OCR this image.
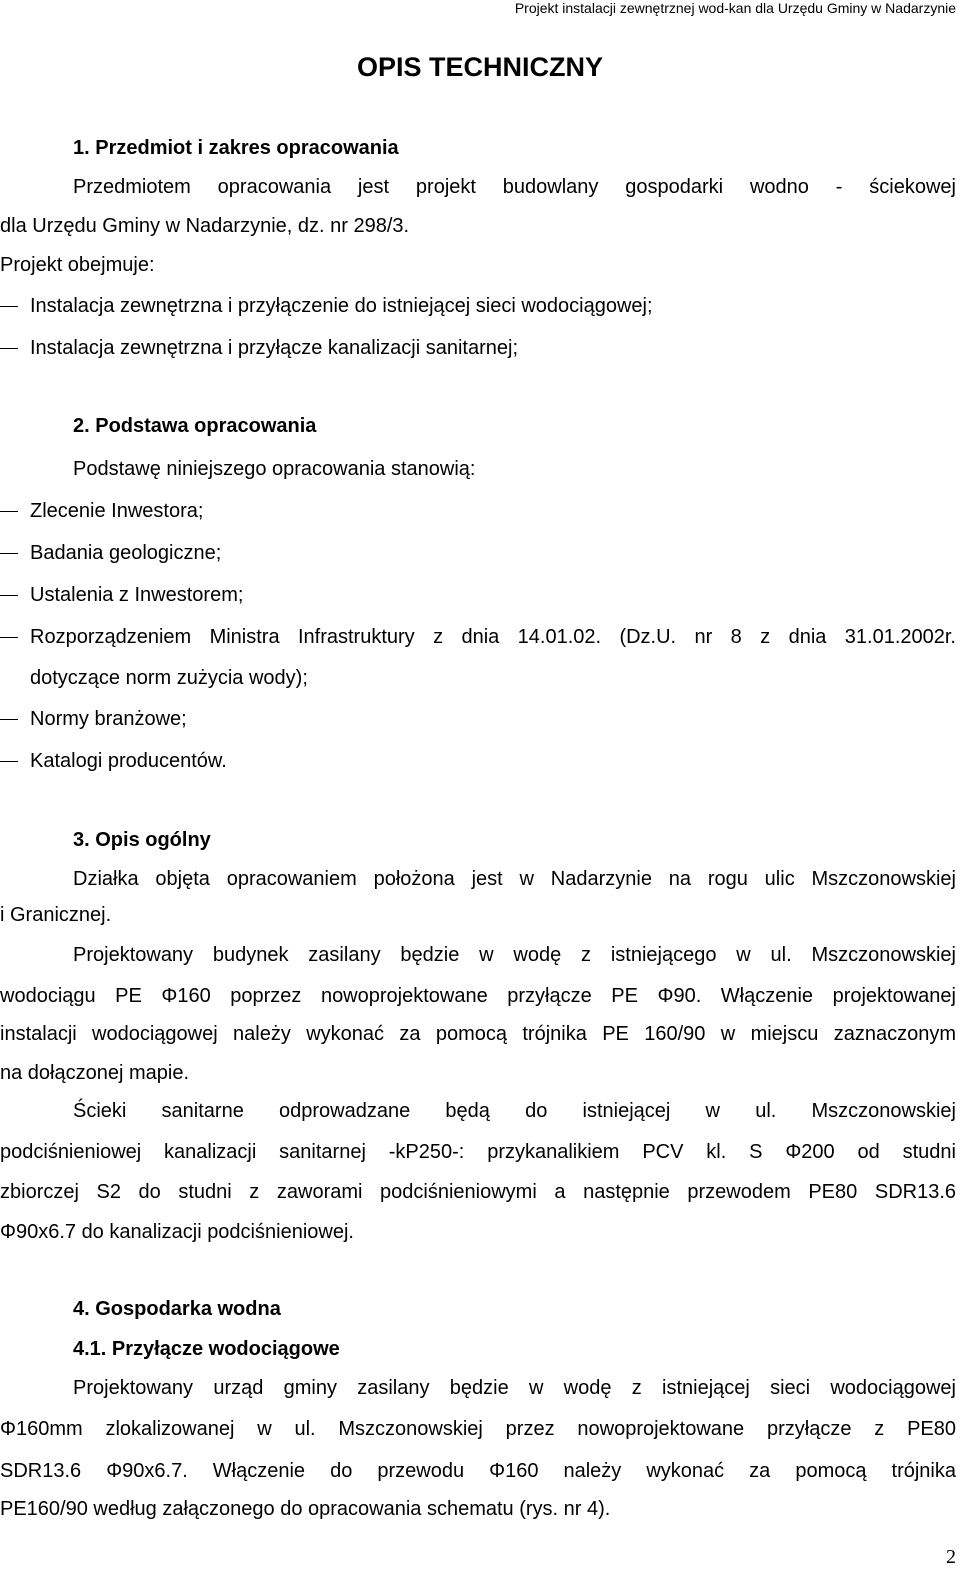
Projekt instalacji zewnętrznej wod-kan dla Urzędu Gminy w Nadarzynie
OPIS TECHNICZNY
1. Przedmiot i zakres opracowania
Przedmiotem opracowania jest projekt budowlany gospodarki wodno - ściekowej
dla Urzędu Gminy w Nadarzynie, dz. nr 298/3.
Projekt obejmuje:
Instalacja zewnętrzna i przyłączenie do istniejącej sieci wodociągowej;
Instalacja zewnętrzna i przyłącze kanalizacji sanitarnej;
2. Podstawa opracowania
Podstawę niniejszego opracowania stanowią:
Zlecenie Inwestora;
Badania geologiczne;
Ustalenia z Inwestorem;
Rozporządzeniem Ministra Infrastruktury z dnia 14.01.02. (Dz.U. nr 8 z dnia 31.01.2002r.
dotyczące norm zużycia wody);
Normy branżowe;
Katalogi producentów.
3. Opis ogólny
Działka objęta opracowaniem położona jest w Nadarzynie na rogu ulic Mszczonowskiej
i Granicznej.
Projektowany budynek zasilany będzie w wodę z istniejącego w ul. Mszczonowskiej
wodociągu PE Φ160 poprzez nowoprojektowane przyłącze PE Φ90. Włączenie projektowanej
instalacji wodociągowej należy wykonać za pomocą trójnika PE 160/90 w miejscu zaznaczonym
na dołączonej mapie.
Ścieki sanitarne odprowadzane będą do istniejącej w ul. Mszczonowskiej
podciśnieniowej kanalizacji sanitarnej -kP250-: przykanalikiem PCV kl. S Φ200 od studni
zbiorczej S2 do studni z zaworami podciśnieniowymi a następnie przewodem PE80 SDR13.6
Φ90x6.7 do kanalizacji podciśnieniowej.
4. Gospodarka wodna
4.1. Przyłącze wodociągowe
Projektowany urząd gminy zasilany będzie w wodę z istniejącej sieci wodociągowej
Φ160mm zlokalizowanej w ul. Mszczonowskiej przez nowoprojektowane przyłącze z PE80
SDR13.6 Φ90x6.7. Włączenie do przewodu Φ160 należy wykonać za pomocą trójnika
PE160/90 według załączonego do opracowania schematu (rys. nr 4).
2
